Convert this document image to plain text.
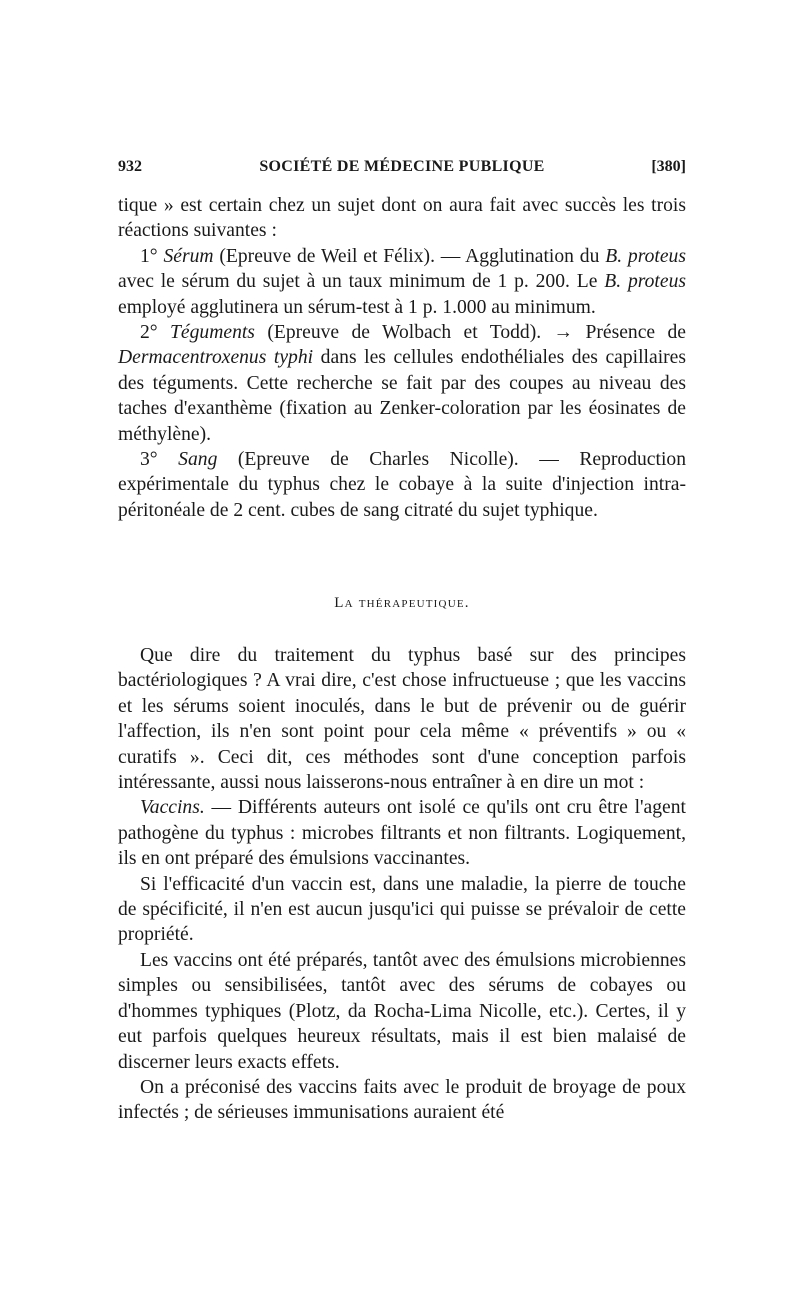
932	SOCIÉTÉ DE MÉDECINE PUBLIQUE	[380]

tique » est certain chez un sujet dont on aura fait avec succès les trois réactions suivantes :

1° Sérum (Epreuve de Weil et Félix). — Agglutination du B. proteus avec le sérum du sujet à un taux minimum de 1 p. 200. Le B. proteus employé agglutinera un sérum-test à 1 p. 1.000 au minimum.

2° Téguments (Epreuve de Wolbach et Todd). → Présence de Dermacentroxenus typhi dans les cellules endothéliales des capillaires des téguments. Cette recherche se fait par des coupes au niveau des taches d'exanthème (fixation au Zenker-coloration par les éosinates de méthylène).

3° Sang (Epreuve de Charles Nicolle). — Reproduction expérimentale du typhus chez le cobaye à la suite d'injection intra-péritonéale de 2 cent. cubes de sang citraté du sujet typhique.

La thérapeutique.

Que dire du traitement du typhus basé sur des principes bactériologiques ? A vrai dire, c'est chose infructueuse ; que les vaccins et les sérums soient inoculés, dans le but de prévenir ou de guérir l'affection, ils n'en sont point pour cela même « préventifs » ou « curatifs ». Ceci dit, ces méthodes sont d'une conception parfois intéressante, aussi nous laisserons-nous entraîner à en dire un mot :

Vaccins. — Différents auteurs ont isolé ce qu'ils ont cru être l'agent pathogène du typhus : microbes filtrants et non filtrants. Logiquement, ils en ont préparé des émulsions vaccinantes.

Si l'efficacité d'un vaccin est, dans une maladie, la pierre de touche de spécificité, il n'en est aucun jusqu'ici qui puisse se prévaloir de cette propriété.

Les vaccins ont été préparés, tantôt avec des émulsions microbiennes simples ou sensibilisées, tantôt avec des sérums de cobayes ou d'hommes typhiques (Plotz, da Rocha-Lima Nicolle, etc.). Certes, il y eut parfois quelques heureux résultats, mais il est bien malaisé de discerner leurs exacts effets.

On a préconisé des vaccins faits avec le produit de broyage de poux infectés ; de sérieuses immunisations auraient été
